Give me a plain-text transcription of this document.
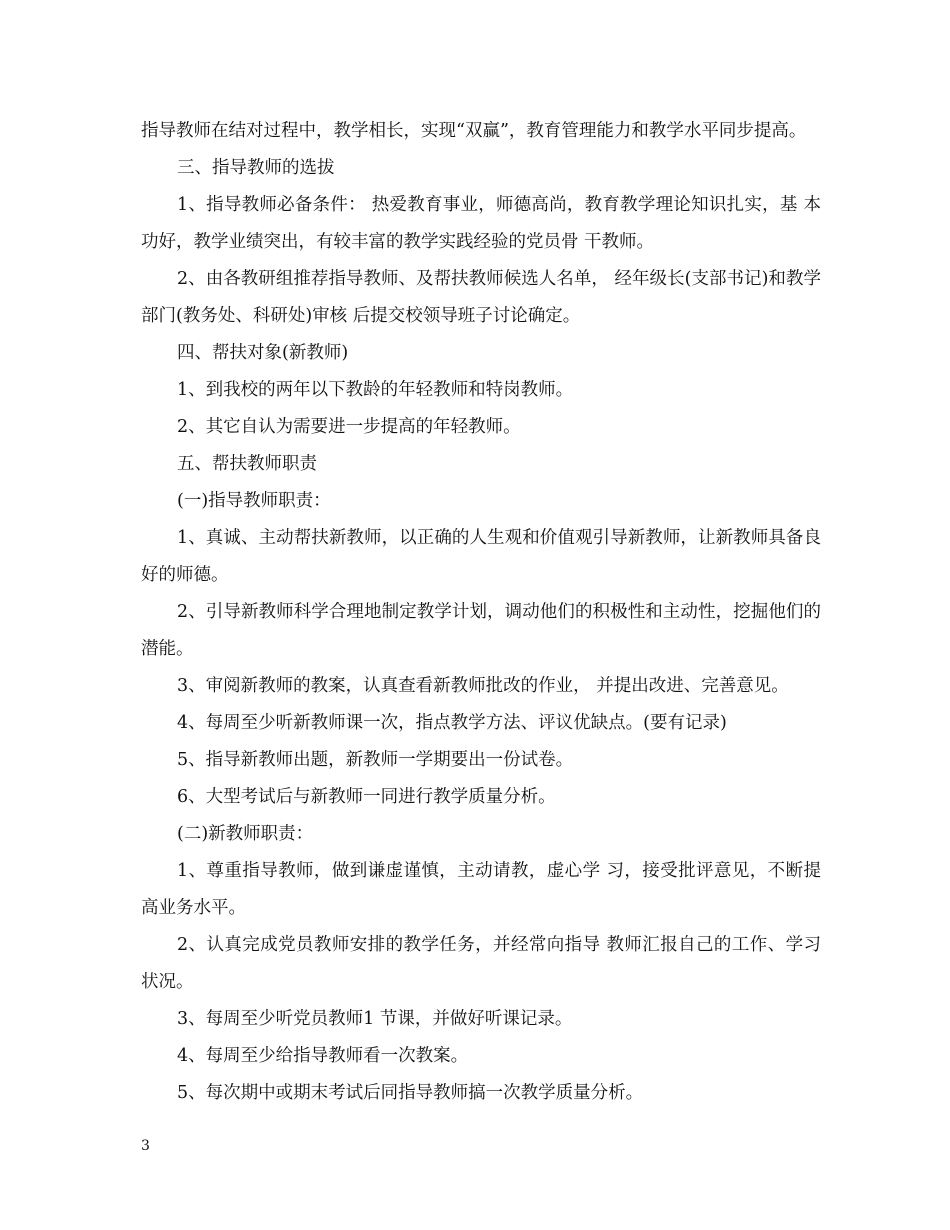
指导教师在结对过程中，教学相长，实现“双赢”，教育管理能力和教学水平同步提高。

三、指导教师的选拔

1、指导教师必备条件： 热爱教育事业，师德高尚，教育教学理论知识扎实，基 本功好，教学业绩突出，有较丰富的教学实践经验的党员骨 干教师。

2、由各教研组推荐指导教师、及帮扶教师候选人名单， 经年级长(支部书记)和教学部门(教务处、科研处)审核 后提交校领导班子讨论确定。

四、帮扶对象(新教师)

1、到我校的两年以下教龄的年轻教师和特岗教师。

2、其它自认为需要进一步提高的年轻教师。

五、帮扶教师职责

(一)指导教师职责：

1、真诚、主动帮扶新教师，以正确的人生观和价值观引导新教师，让新教师具备良好的师德。

2、引导新教师科学合理地制定教学计划，调动他们的积极性和主动性，挖掘他们的潜能。

3、审阅新教师的教案，认真查看新教师批改的作业， 并提出改进、完善意见。

4、每周至少听新教师课一次，指点教学方法、评议优缺点。(要有记录)

5、指导新教师出题，新教师一学期要出一份试卷。

6、大型考试后与新教师一同进行教学质量分析。

(二)新教师职责：

1、尊重指导教师，做到谦虚谨慎，主动请教，虚心学 习，接受批评意见，不断提高业务水平。

2、认真完成党员教师安排的教学任务，并经常向指导 教师汇报自己的工作、学习状况。

3、每周至少听党员教师1 节课，并做好听课记录。

4、每周至少给指导教师看一次教案。

5、每次期中或期末考试后同指导教师搞一次教学质量分析。

3
